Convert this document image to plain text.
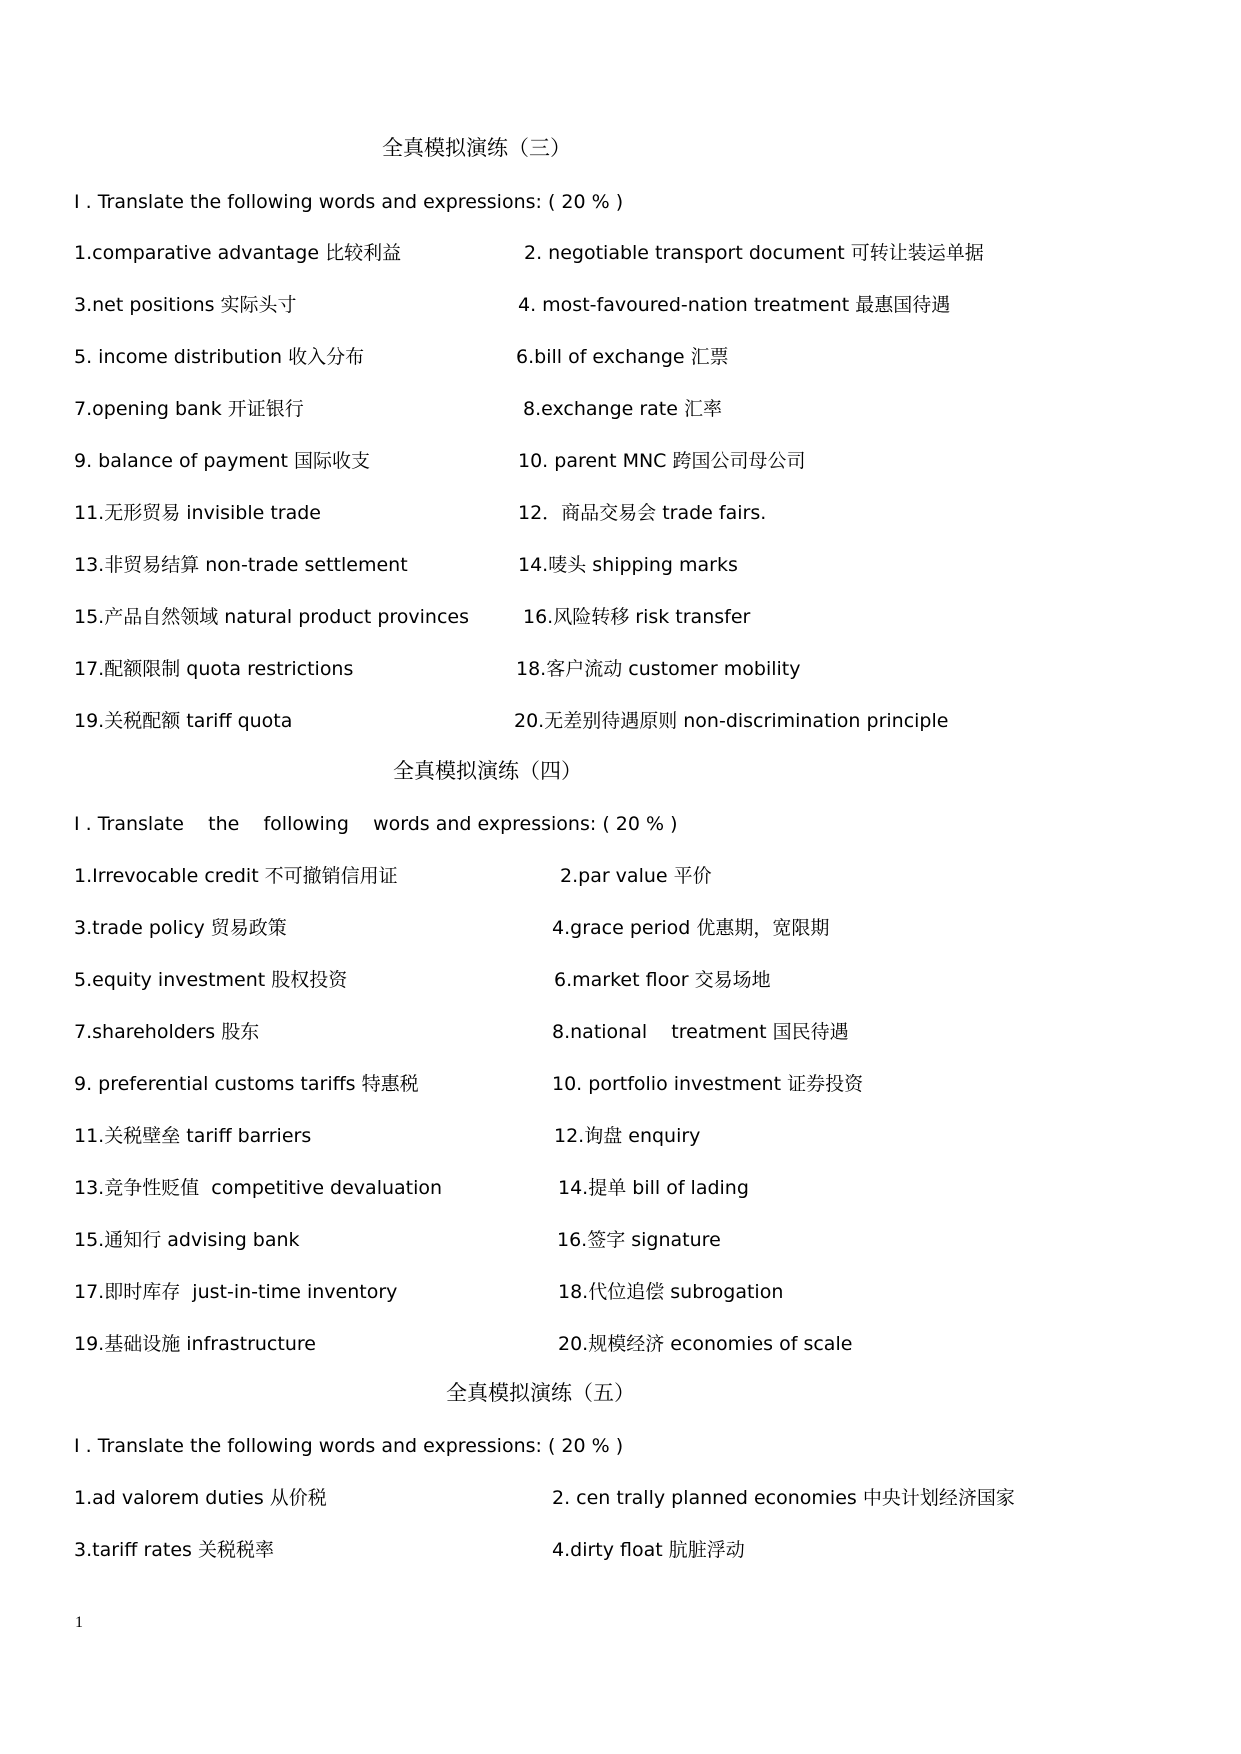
全真模拟演练（三）
I . Translate the following words and expressions: ( 20 % )
1.comparative advantage 比较利益	2. negotiable transport document 可转让装运单据
3.net positions 实际头寸	4. most-favoured-nation treatment 最惠国待遇
5. income distribution 收入分布	6.bill of exchange 汇票
7.opening bank 开证银行	8.exchange rate 汇率
9. balance of payment 国际收支	10. parent MNC 跨国公司母公司
11.无形贸易 invisible trade	12．商品交易会 trade fairs.
13.非贸易结算 non-trade settlement	14.唛头 shipping marks
15.产品自然领域 natural product provinces	16.风险转移 risk transfer
17.配额限制 quota restrictions	18.客户流动 customer mobility
19.关税配额 tariff quota	20.无差别待遇原则 non-discrimination principle
全真模拟演练（四）
I . Translate    the    following    words and expressions: ( 20 % )
1.Irrevocable credit 不可撤销信用证	2.par value 平价
3.trade policy 贸易政策	4.grace period 优惠期，宽限期
5.equity investment 股权投资	6.market floor 交易场地
7.shareholders 股东	8.national    treatment 国民待遇
9. preferential customs tariffs 特惠税	10. portfolio investment 证券投资
11.关税壁垒 tariff barriers	12.询盘 enquiry
13.竞争性贬值  competitive devaluation	14.提单 bill of lading
15.通知行 advising bank	16.签字 signature
17.即时库存  just-in-time inventory	18.代位追偿 subrogation
19.基础设施 infrastructure	20.规模经济 economies of scale
全真模拟演练（五）
I . Translate the following words and expressions: ( 20 % )
1.ad valorem duties 从价税	2. cen trally planned economies 中央计划经济国家
3.tariff rates 关税税率	4.dirty float 肮脏浮动
1
